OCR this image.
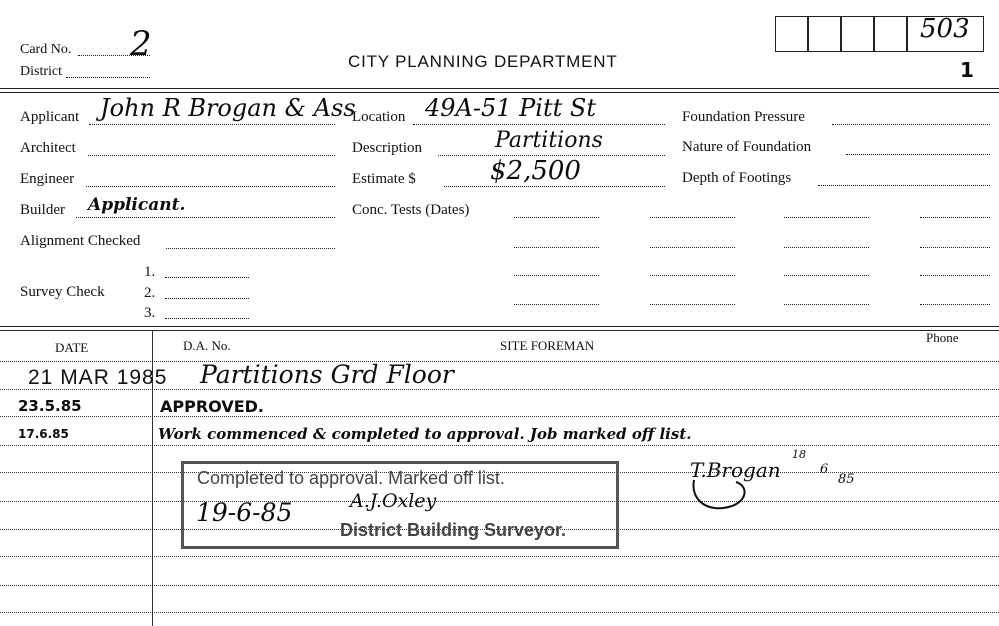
Card No. 2
District
CITY PLANNING DEPARTMENT
503
1
Applicant John R Brogan & Ass
Architect
Engineer
Builder Applicant.
Alignment Checked
Survey Check
1.
2.
3.
Location 49A-51 Pitt St
Description	Partitions
Estimate $	$2,500
Conc. Tests (Dates)
Foundation Pressure
Nature of Foundation
Depth of Footings
DATE	D.A. No.	SITE FOREMAN
Phone
21 MAR 1985 Partitions Grd Floor
23.5.85	APPROVED.
17.6.85	Work commenced & completed to approval. Job marked off list.
Completed to approval. Marked off list.
19-6-85	A.J.Oxley
District Building Surveyor.
T.Brogan
18
6
85
